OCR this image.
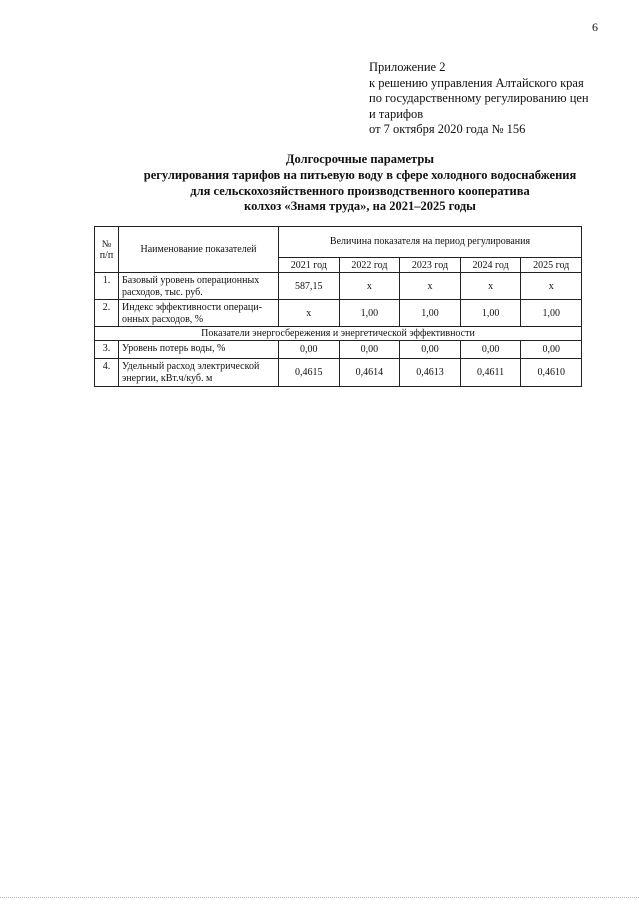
6
Приложение 2
к решению управления Алтайского края
по государственному регулированию цен
и тарифов
от 7 октября 2020 года № 156
Долгосрочные параметры
регулирования тарифов на питьевую воду в сфере холодного водоснабжения
для сельскохозяйственного производственного кооператива
колхоз «Знамя труда», на 2021–2025 годы
№ п/п	Наименование показателей	Величина показателя на период регулирования				
		2021 год	2022 год	2023 год	2024 год	2025 год
1.	Базовый уровень операционных расходов, тыс. руб.	587,15	х	х	х	х
2.	Индекс эффективности операци-онных расходов, %	х	1,00	1,00	1,00	1,00
Показатели энергосбережения и энергетической эффективности						
3.	Уровень потерь воды, %	0,00	0,00	0,00	0,00	0,00
4.	Удельный расход электрической энергии, кВт.ч/куб. м	0,4615	0,4614	0,4613	0,4611	0,4610
